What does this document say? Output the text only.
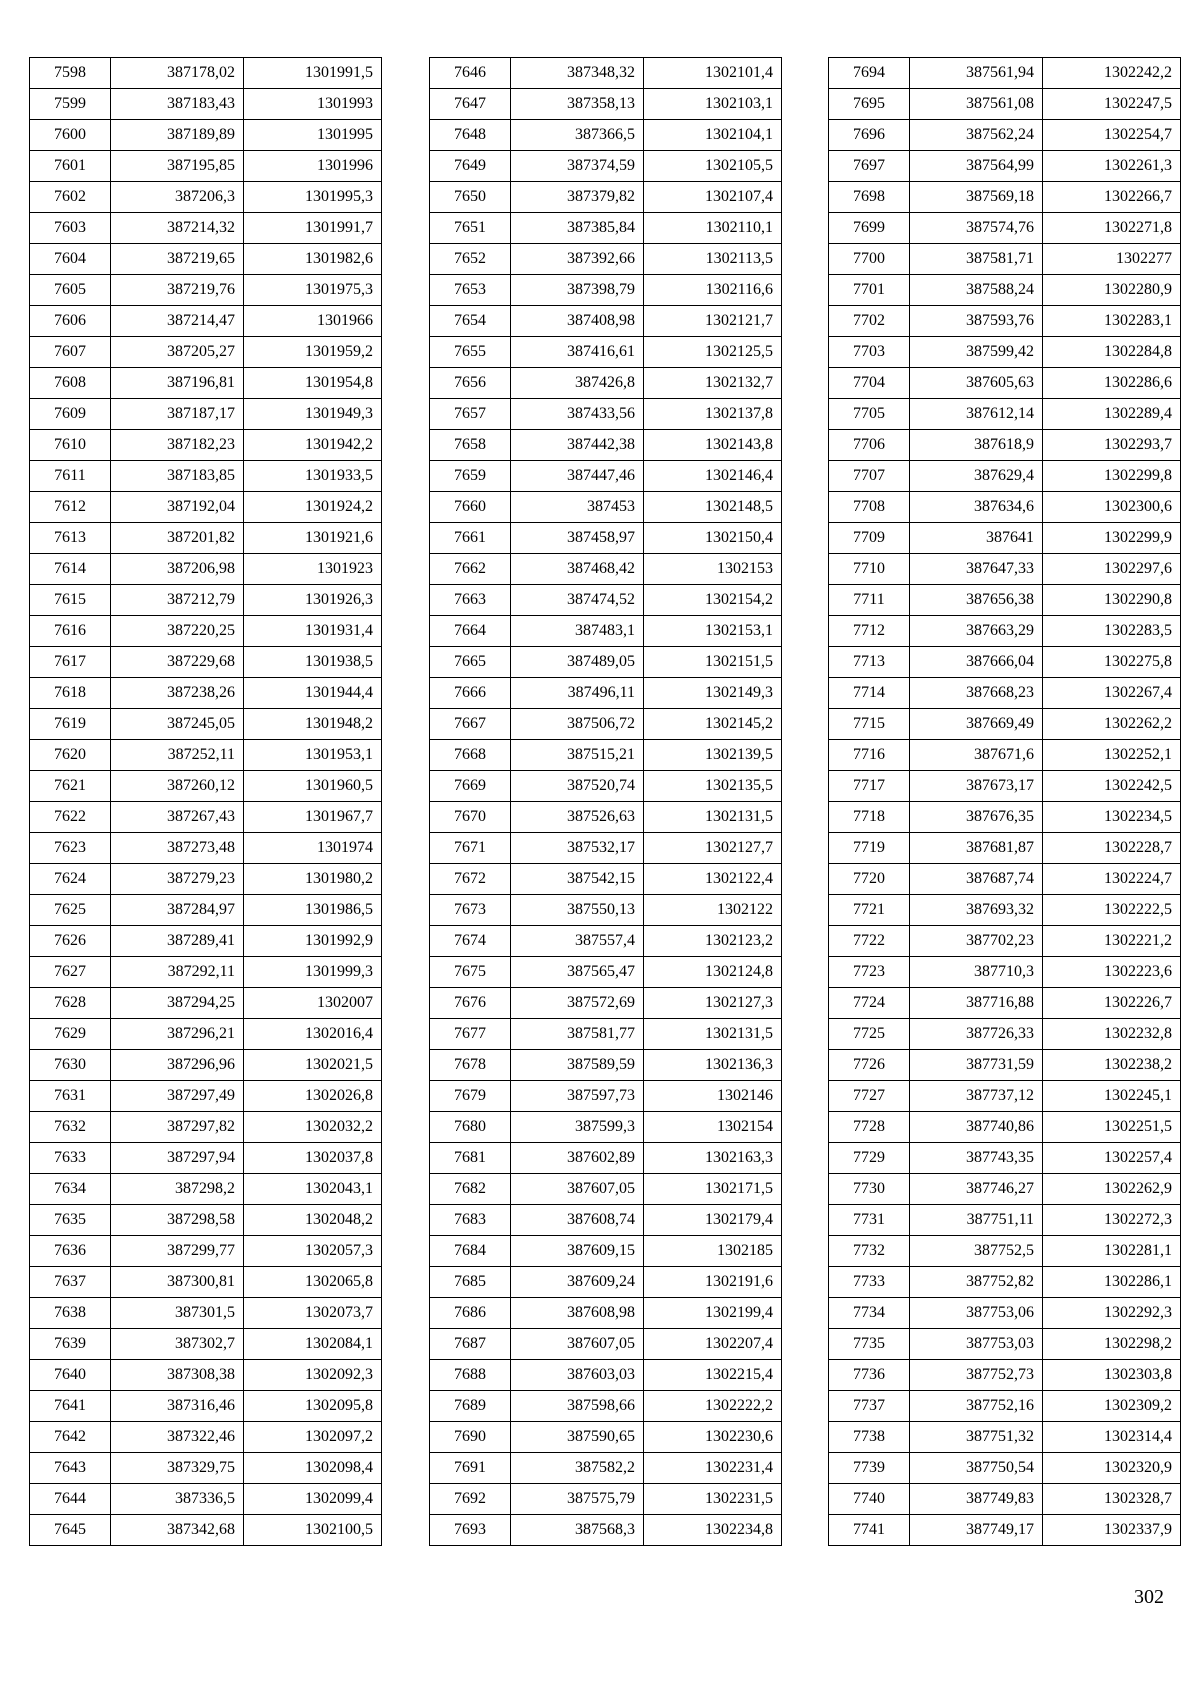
7598	387178,02	1301991,5
7599	387183,43	1301993
7600	387189,89	1301995
7601	387195,85	1301996
7602	387206,3	1301995,3
7603	387214,32	1301991,7
7604	387219,65	1301982,6
7605	387219,76	1301975,3
7606	387214,47	1301966
7607	387205,27	1301959,2
7608	387196,81	1301954,8
7609	387187,17	1301949,3
7610	387182,23	1301942,2
7611	387183,85	1301933,5
7612	387192,04	1301924,2
7613	387201,82	1301921,6
7614	387206,98	1301923
7615	387212,79	1301926,3
7616	387220,25	1301931,4
7617	387229,68	1301938,5
7618	387238,26	1301944,4
7619	387245,05	1301948,2
7620	387252,11	1301953,1
7621	387260,12	1301960,5
7622	387267,43	1301967,7
7623	387273,48	1301974
7624	387279,23	1301980,2
7625	387284,97	1301986,5
7626	387289,41	1301992,9
7627	387292,11	1301999,3
7628	387294,25	1302007
7629	387296,21	1302016,4
7630	387296,96	1302021,5
7631	387297,49	1302026,8
7632	387297,82	1302032,2
7633	387297,94	1302037,8
7634	387298,2	1302043,1
7635	387298,58	1302048,2
7636	387299,77	1302057,3
7637	387300,81	1302065,8
7638	387301,5	1302073,7
7639	387302,7	1302084,1
7640	387308,38	1302092,3
7641	387316,46	1302095,8
7642	387322,46	1302097,2
7643	387329,75	1302098,4
7644	387336,5	1302099,4
7645	387342,68	1302100,5
7646	387348,32	1302101,4
7647	387358,13	1302103,1
7648	387366,5	1302104,1
7649	387374,59	1302105,5
7650	387379,82	1302107,4
7651	387385,84	1302110,1
7652	387392,66	1302113,5
7653	387398,79	1302116,6
7654	387408,98	1302121,7
7655	387416,61	1302125,5
7656	387426,8	1302132,7
7657	387433,56	1302137,8
7658	387442,38	1302143,8
7659	387447,46	1302146,4
7660	387453	1302148,5
7661	387458,97	1302150,4
7662	387468,42	1302153
7663	387474,52	1302154,2
7664	387483,1	1302153,1
7665	387489,05	1302151,5
7666	387496,11	1302149,3
7667	387506,72	1302145,2
7668	387515,21	1302139,5
7669	387520,74	1302135,5
7670	387526,63	1302131,5
7671	387532,17	1302127,7
7672	387542,15	1302122,4
7673	387550,13	1302122
7674	387557,4	1302123,2
7675	387565,47	1302124,8
7676	387572,69	1302127,3
7677	387581,77	1302131,5
7678	387589,59	1302136,3
7679	387597,73	1302146
7680	387599,3	1302154
7681	387602,89	1302163,3
7682	387607,05	1302171,5
7683	387608,74	1302179,4
7684	387609,15	1302185
7685	387609,24	1302191,6
7686	387608,98	1302199,4
7687	387607,05	1302207,4
7688	387603,03	1302215,4
7689	387598,66	1302222,2
7690	387590,65	1302230,6
7691	387582,2	1302231,4
7692	387575,79	1302231,5
7693	387568,3	1302234,8
7694	387561,94	1302242,2
7695	387561,08	1302247,5
7696	387562,24	1302254,7
7697	387564,99	1302261,3
7698	387569,18	1302266,7
7699	387574,76	1302271,8
7700	387581,71	1302277
7701	387588,24	1302280,9
7702	387593,76	1302283,1
7703	387599,42	1302284,8
7704	387605,63	1302286,6
7705	387612,14	1302289,4
7706	387618,9	1302293,7
7707	387629,4	1302299,8
7708	387634,6	1302300,6
7709	387641	1302299,9
7710	387647,33	1302297,6
7711	387656,38	1302290,8
7712	387663,29	1302283,5
7713	387666,04	1302275,8
7714	387668,23	1302267,4
7715	387669,49	1302262,2
7716	387671,6	1302252,1
7717	387673,17	1302242,5
7718	387676,35	1302234,5
7719	387681,87	1302228,7
7720	387687,74	1302224,7
7721	387693,32	1302222,5
7722	387702,23	1302221,2
7723	387710,3	1302223,6
7724	387716,88	1302226,7
7725	387726,33	1302232,8
7726	387731,59	1302238,2
7727	387737,12	1302245,1
7728	387740,86	1302251,5
7729	387743,35	1302257,4
7730	387746,27	1302262,9
7731	387751,11	1302272,3
7732	387752,5	1302281,1
7733	387752,82	1302286,1
7734	387753,06	1302292,3
7735	387753,03	1302298,2
7736	387752,73	1302303,8
7737	387752,16	1302309,2
7738	387751,32	1302314,4
7739	387750,54	1302320,9
7740	387749,83	1302328,7
7741	387749,17	1302337,9
302
